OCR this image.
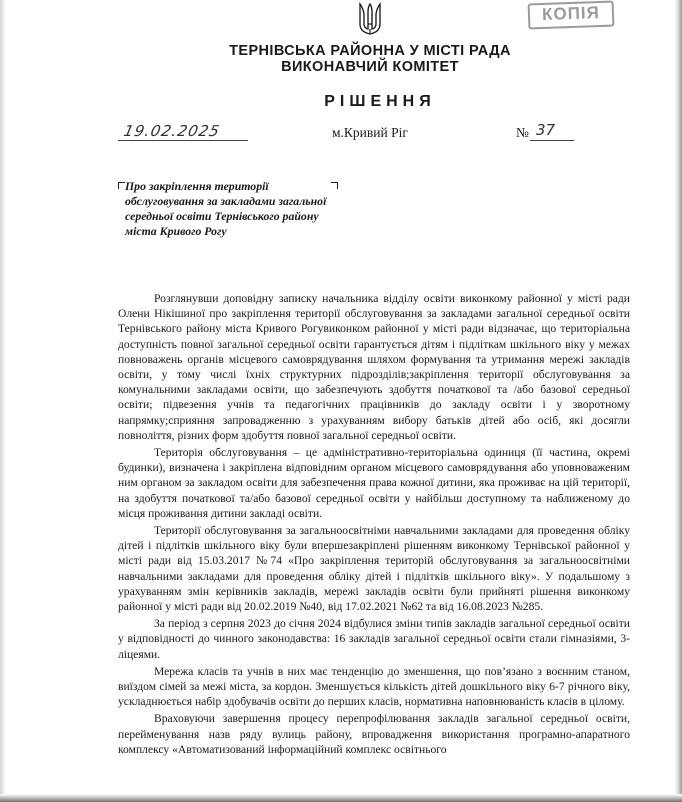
КОПІЯ
ТЕРНІВСЬКА РАЙОННА У МІСТІ РАДА
ВИКОНАВЧИЙ КОМІТЕТ
РІШЕННЯ
19.02.2025	м.Кривий Ріг	№ 37
Про закріплення території обслуговування за закладами загальної середньої освіти Тернівського району міста Кривого Рогу

Розглянувши доповідну записку начальника відділу освіти виконкому районної у місті ради Олени Нікішиної про закріплення території обслуговування за закладами загальної середньої освіти Тернівського району міста Кривого Рогувиконком районної у місті ради відзначає, що територіальна доступність повної загальної середньої освіти гарантується дітям і підліткам шкільного віку у межах повноважень органів місцевого самоврядування шляхом формування та утримання мережі закладів освіти, у тому числі їхніх структурних підрозділів;закріплення території обслуговування за комунальними закладами освіти, що забезпечують здобуття початкової та /або базової середньої освіти; підвезення учнів та педагогічних працівників до закладу освіти і у зворотному напрямку;сприяння запровадженню з урахуванням вибору батьків дітей або осіб, які досягли повноліття, різних форм здобуття повної загальної середньої освіти.

Територія обслуговування – це адміністративно-територіальна одиниця (її частина, окремі будинки), визначена і закріплена відповідним органом місцевого самоврядування або уповноваженим ним органом за закладом освіти для забезпечення права кожної дитини, яка проживає на цій території, на здобуття початкової та/або базової середньої освіти у найбільш доступному та наближеному до місця проживання дитини закладі освіти.

Території обслуговування за загальноосвітніми навчальними закладами для проведення обліку дітей і підлітків шкільного віку були впершезакріплені рішенням виконкому Тернівської районної у місті ради від 15.03.2017 №74 «Про закріплення територій обслуговування за загальноосвітніми навчальними закладами для проведення обліку дітей і підлітків шкільного віку». У подальшому з урахуванням змін керівників закладів, мережі закладів освіти були прийняті рішення виконкому районної у місті ради від 20.02.2019 №40, від 17.02.2021 №62 та від 16.08.2023 №285.

За період з серпня 2023 до січня 2024 відбулися зміни типів закладів загальної середньої освіти у відповідності до чинного законодавства: 16 закладів загальної середньої освіти стали гімназіями, 3- ліцеями.

Мережа класів та учнів в них має тенденцію до зменшення, що пов’язано з воєнним станом, виїздом сімей за межі міста, за кордон. Зменшується кількість дітей дошкільного віку 6-7 річного віку, ускладнюється набір здобувачів освіти до перших класів, нормативна наповнюваність класів в цілому.

Враховуючи завершення процесу перепрофілювання закладів загальної середньої освіти, перейменування назв ряду вулиць району, впровадження використання програмно-апаратного комплексу «Автоматизований інформаційний комплекс освітнього
